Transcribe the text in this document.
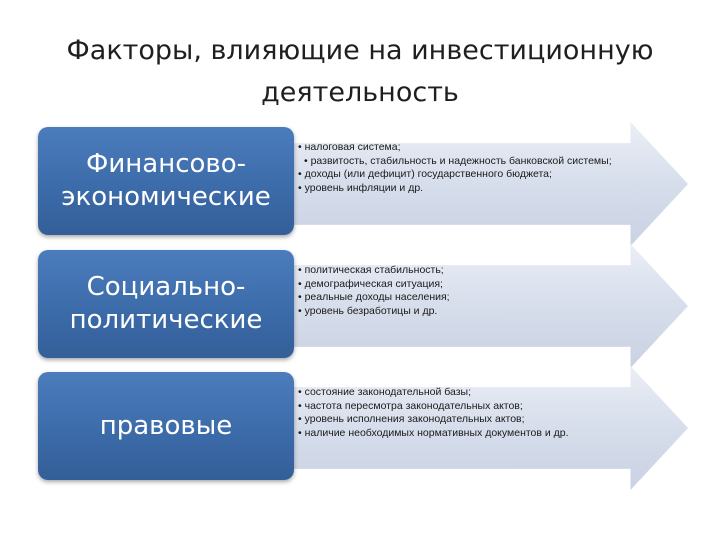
Факторы, влияющие на инвестиционную деятельность
Финансово-
экономические
• налоговая система;
• развитость, стабильность и надежность банковской системы;
• доходы (или дефицит) государственного бюджета;
• уровень инфляции и др.
Социально-
политические
• политическая стабильность;
• демографическая ситуация;
• реальные доходы населения;
• уровень безработицы и др.
правовые
• состояние законодательной базы;
• частота пересмотра законодательных актов;
• уровень исполнения законодательных актов;
• наличие необходимых нормативных документов и др.
